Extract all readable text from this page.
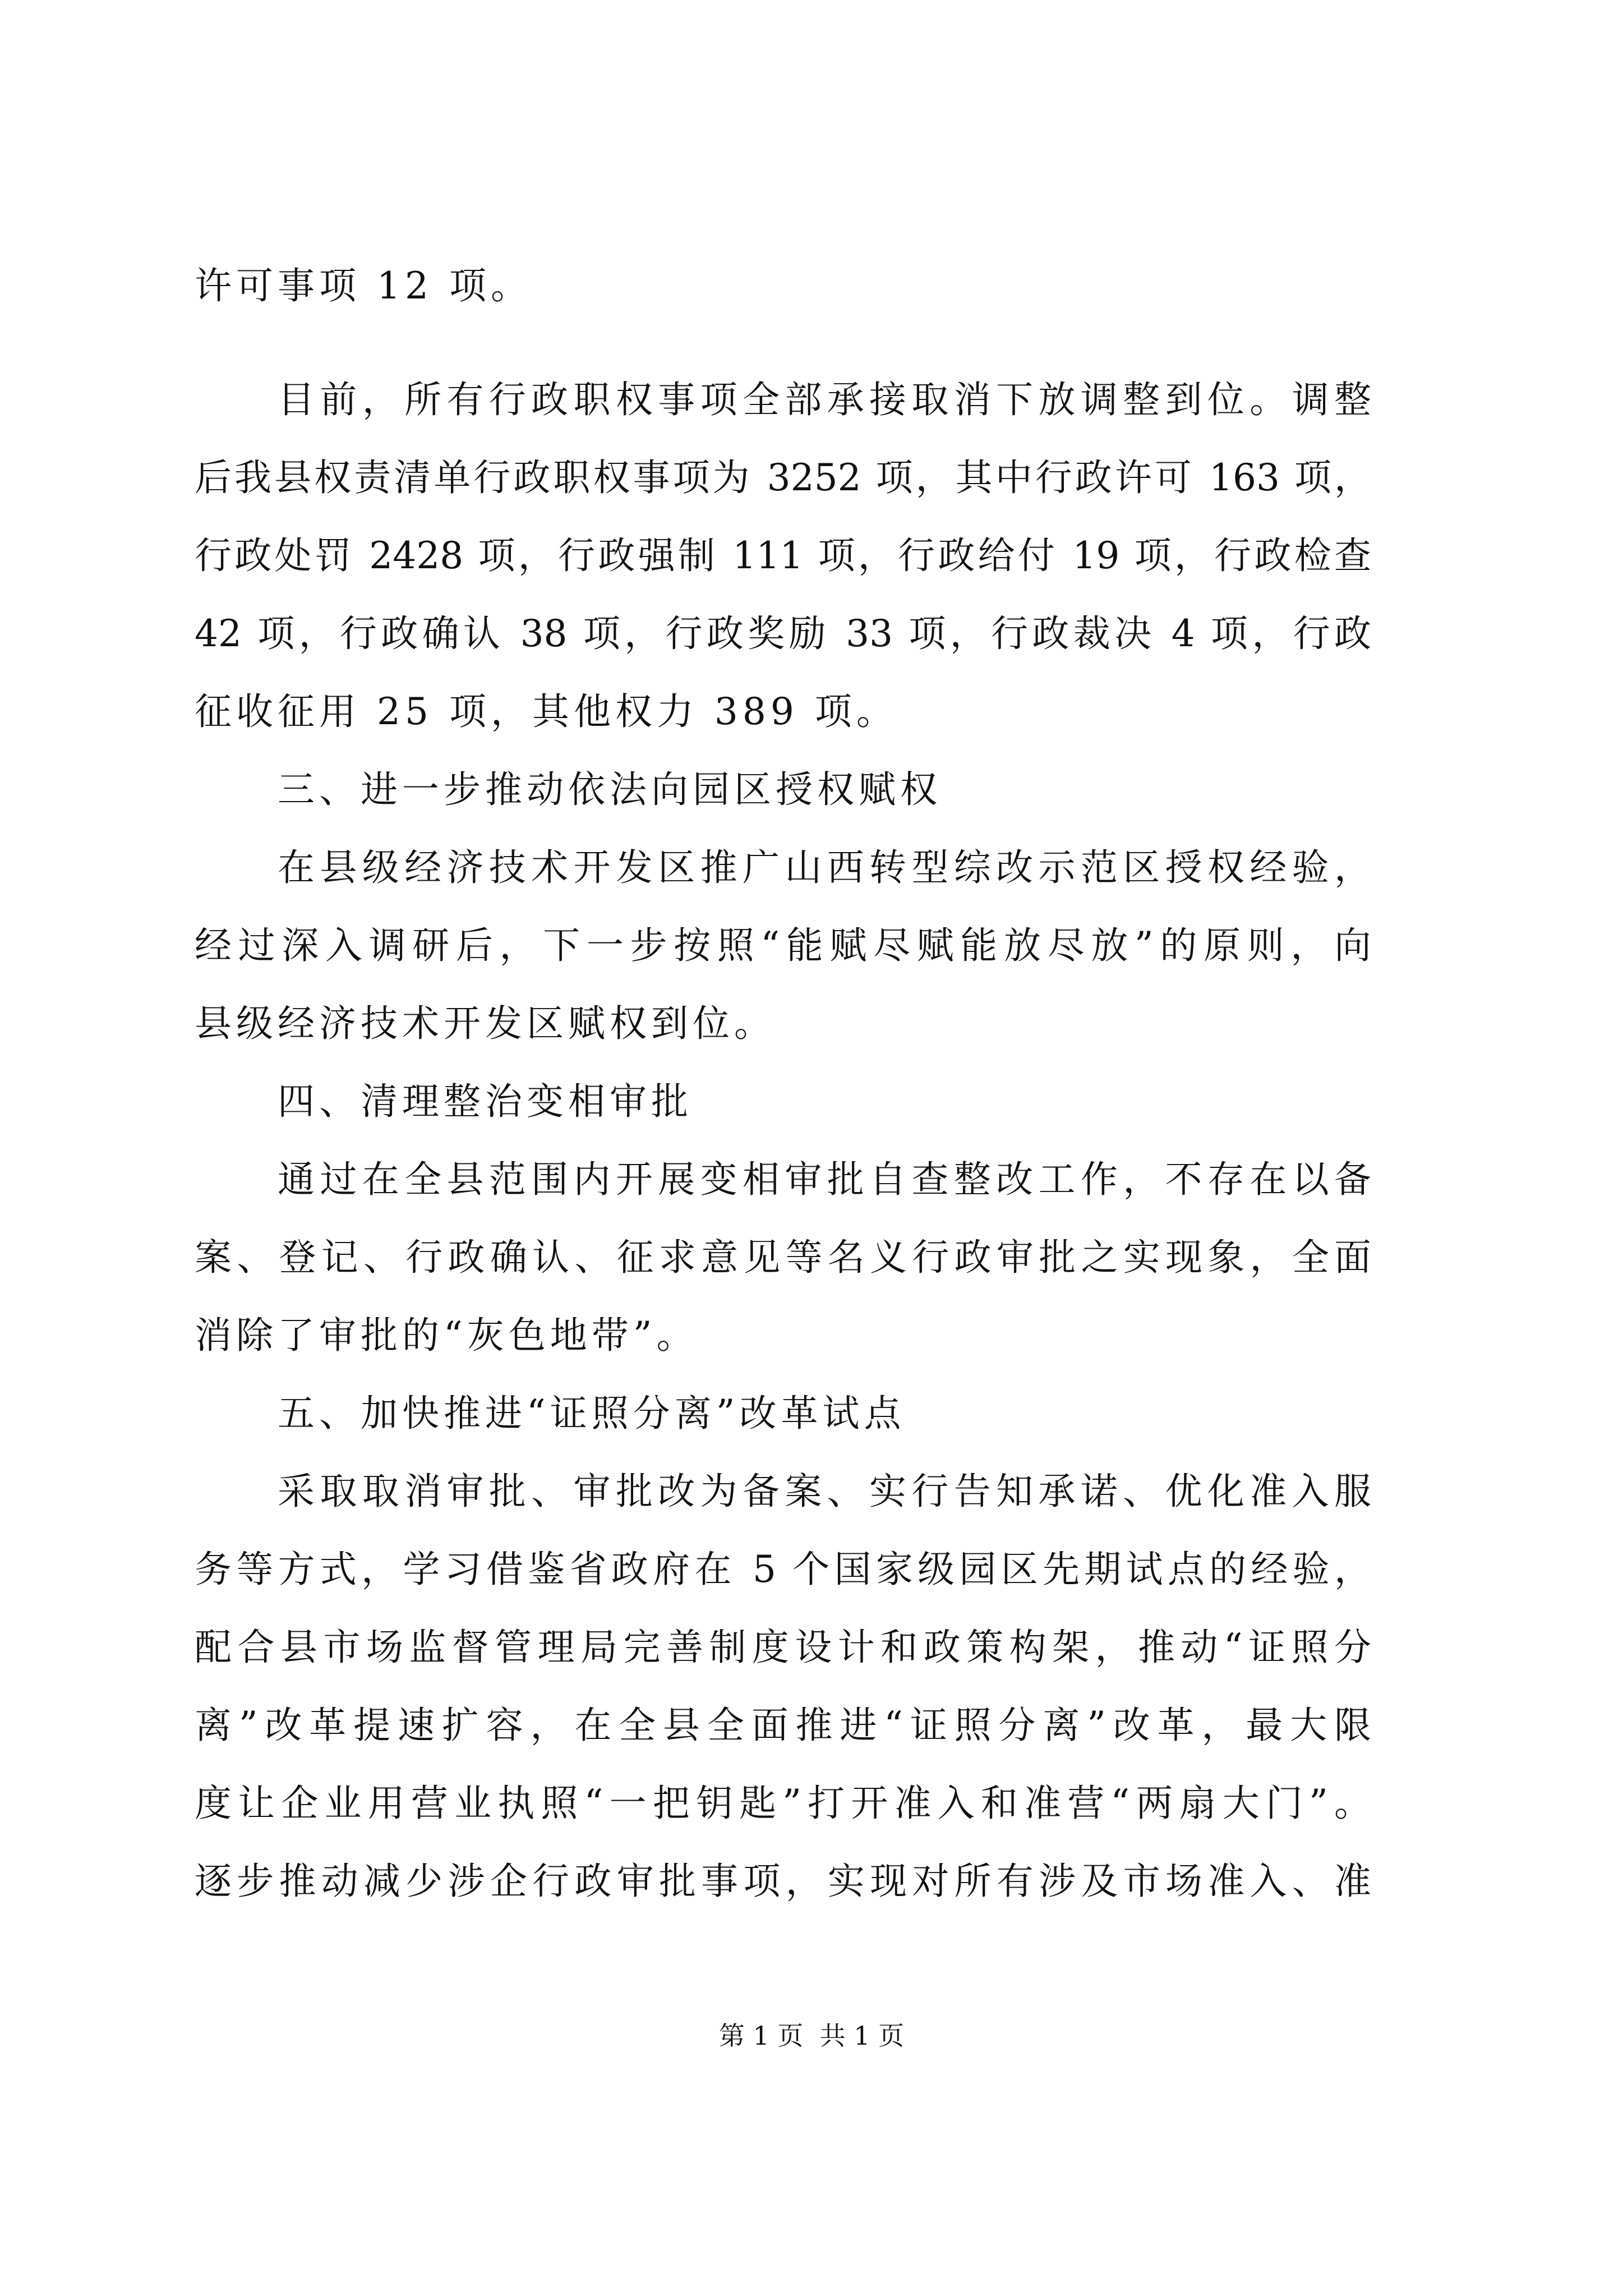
许可事项 12 项。
目前，所有行政职权事项全部承接取消下放调整到位。调整
后我县权责清单行政职权事项为 3252 项，其中行政许可 163 项，
行政处罚 2428 项，行政强制 111 项，行政给付 19 项，行政检查
42 项，行政确认 38 项，行政奖励 33 项，行政裁决 4 项，行政
征收征用 25 项，其他权力 389 项。
三、进一步推动依法向园区授权赋权
在县级经济技术开发区推广山西转型综改示范区授权经验，
经过深入调研后，下一步按照“能赋尽赋能放尽放”的原则，向
县级经济技术开发区赋权到位。
四、清理整治变相审批
通过在全县范围内开展变相审批自查整改工作，不存在以备
案、登记、行政确认、征求意见等名义行政审批之实现象，全面
消除了审批的“灰色地带”。
五、加快推进“证照分离”改革试点
采取取消审批、审批改为备案、实行告知承诺、优化准入服
务等方式，学习借鉴省政府在 5 个国家级园区先期试点的经验，
配合县市场监督管理局完善制度设计和政策构架，推动“证照分
离”改革提速扩容，在全县全面推进“证照分离”改革，最大限
度让企业用营业执照“一把钥匙”打开准入和准营“两扇大门”。
逐步推动减少涉企行政审批事项，实现对所有涉及市场准入、准
第 1 页  共 1 页
